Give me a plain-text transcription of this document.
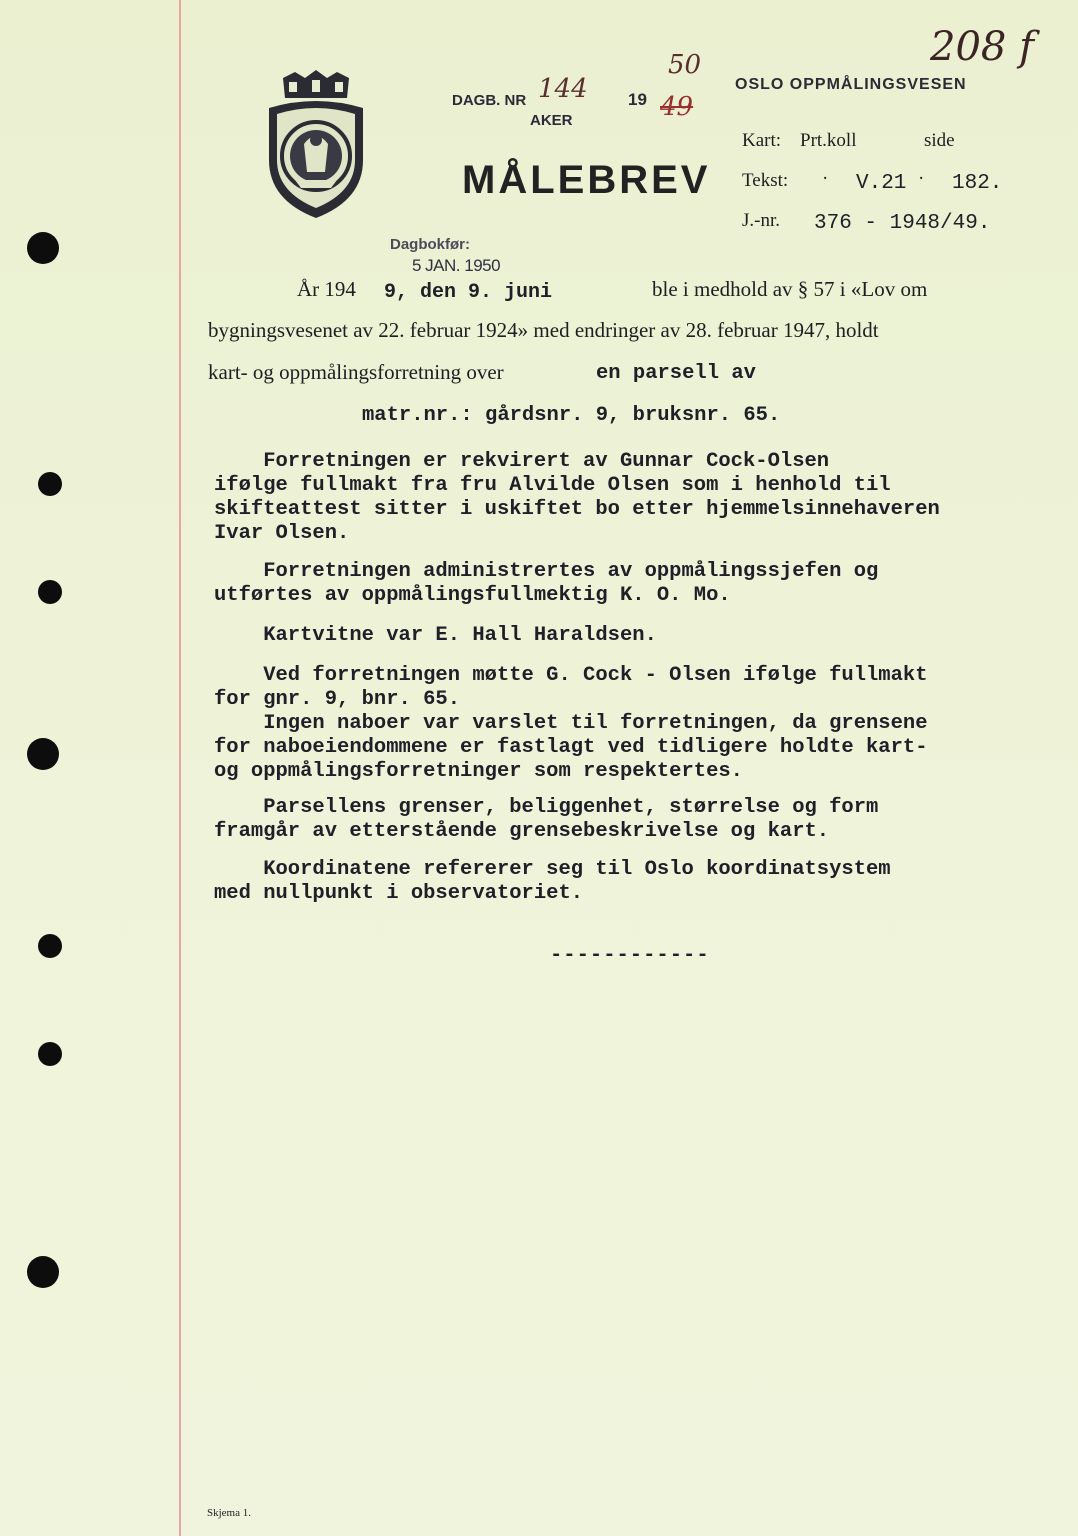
DAGB. NR 144 19
50
49
AKER
OSLO OPPMÅLINGSVESEN
208 f
MÅLEBREV
Kart: Prt.koll	side
Tekst: · V.21 · 182.
J.-nr. 376 - 1948/49.
Dagbokfør:
5 JAN. 1950
År 194 9, den 9. juni	ble i medhold av § 57 i «Lov om
bygningsvesenet av 22. februar 1924» med endringer av 28. februar 1947, holdt
kart- og oppmålingsforretning over	en parsell av
matr.nr.: gårdsnr. 9, bruksnr. 65.
Forretningen er rekvirert av Gunnar Cock-Olsen
ifølge fullmakt fra fru Alvilde Olsen som i henhold til
skifteattest sitter i uskiftet bo etter hjemmelsinnehaveren
Ivar Olsen.
Forretningen administrertes av oppmålingssjefen og
utførtes av oppmålingsfullmektig K. O. Mo.
Kartvitne var E. Hall Haraldsen.
Ved forretningen møtte G. Cock - Olsen ifølge fullmakt
for gnr. 9, bnr. 65.
Ingen naboer var varslet til forretningen, da grensene
for naboeiendommene er fastlagt ved tidligere holdte kart-
og oppmålingsforretninger som respektertes.
Parsellens grenser, beliggenhet, størrelse og form
framgår av etterstående grensebeskrivelse og kart.
Koordinatene refererer seg til Oslo koordinatsystem
med nullpunkt i observatoriet.
------------
Skjema 1.
